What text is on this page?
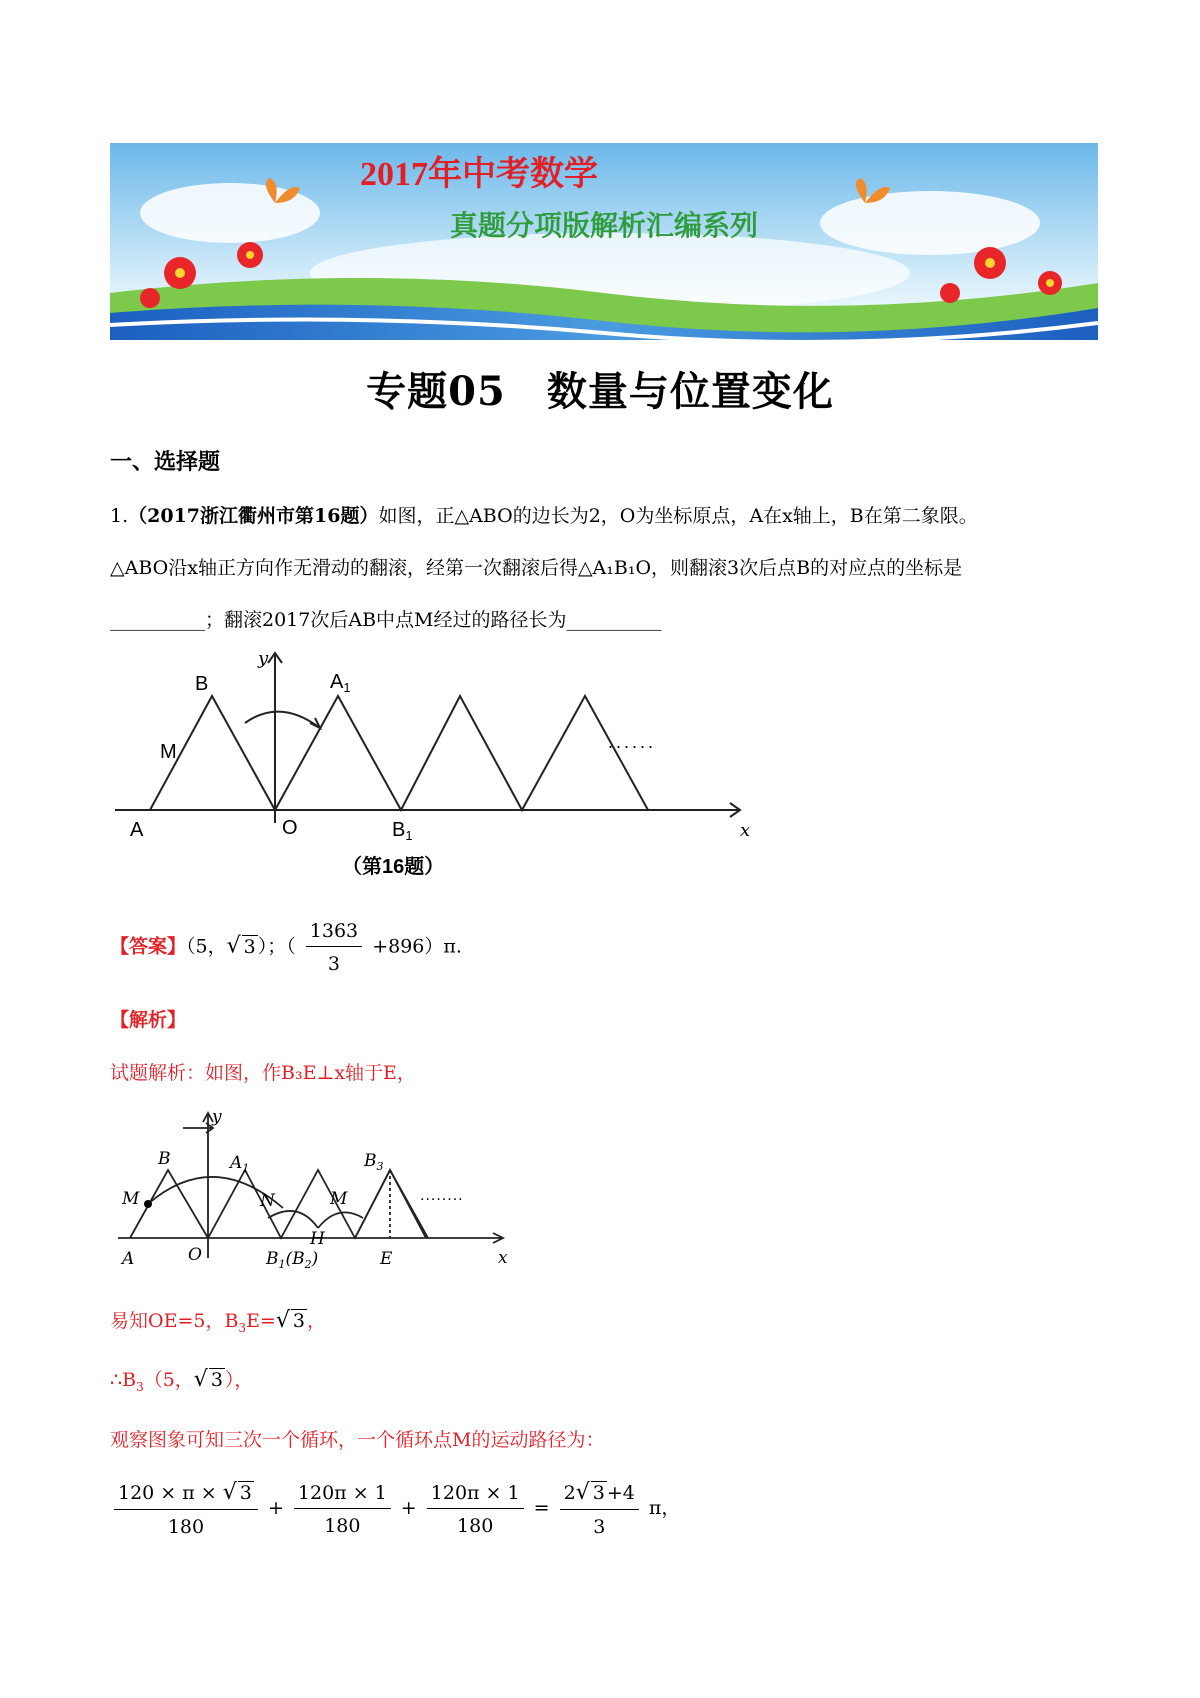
2017年中考数学
真题分项版解析汇编系列
专题05　数量与位置变化
一、选择题
1.（2017浙江衢州市第16题）如图，正△ABO的边长为2，O为坐标原点，A在x轴上，B在第二象限。
△ABO沿x轴正方向作无滑动的翻滚，经第一次翻滚后得△A₁B₁O，则翻滚3次后点B的对应点的坐标是
__________；翻滚2017次后AB中点M经过的路径长为__________
y
x
B
M
A	O
$A_1$
$B_1$
......
（第16题）
【答案】（5，√ 3 ）；（ $\frac{1363}{3} +896)\pi$.
【解析】
试题解析：如图，作B₃E⊥x轴于E，
y
x
B
M
A	O
$A_1$
N
$B_1(B_2)$
H
M
$B_3$
E
........
易知OE=5，$B_3E=√$ 3 ，
$\therefore B_3(5$，√ 3 ），
观察图象可知三次一个循环，一个循环点M的运动路径为：
$\frac{120 \times \pi \times √ 3}{180} + \frac{120\pi \times 1}{180} + \frac{120\pi \times 1}{180} = \frac{2√ 3 +4}{3}$ π，
